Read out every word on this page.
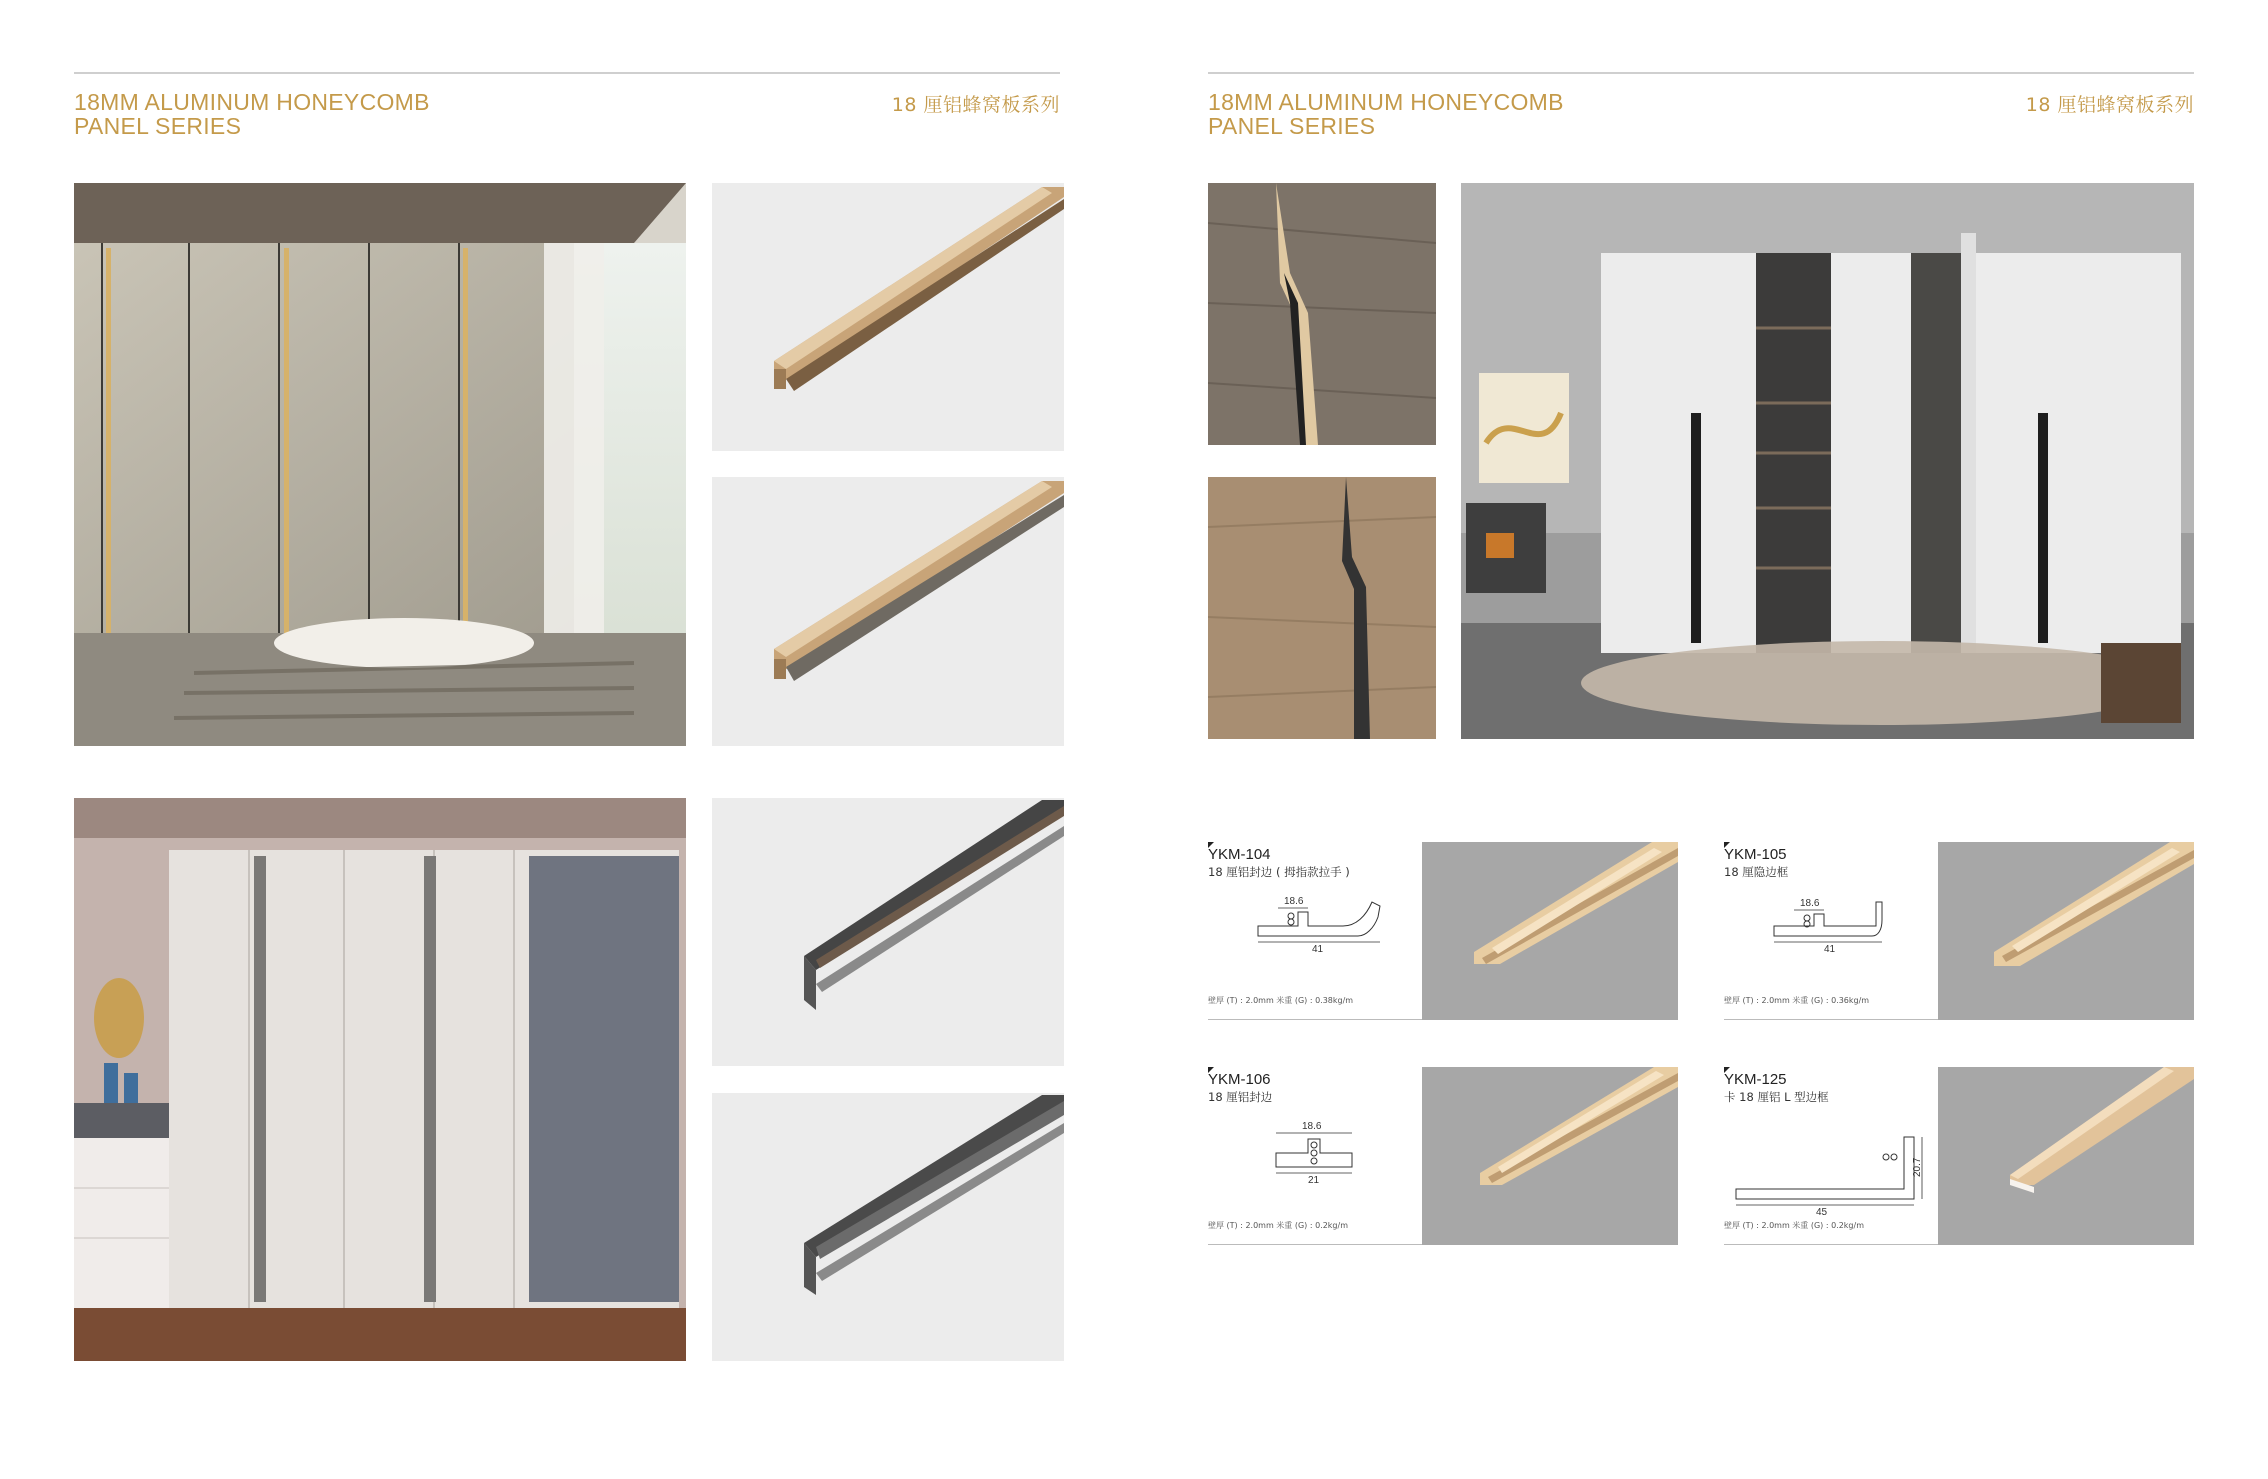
18MM ALUMINUM HONEYCOMB
PANEL SERIES
18 厘铝蜂窝板系列	18MM ALUMINUM HONEYCOMB
PANEL SERIES
18 厘铝蜂窝板系列
YKM-104
18 厘铝封边 ( 拇指款拉手 )
18.6
41
壁厚 (T) : 2.0mm 米重 (G) : 0.38kg/m
YKM-105
18 厘隐边框
18.6
41
壁厚 (T) : 2.0mm 米重 (G) : 0.36kg/m
YKM-106
18 厘铝封边
18.6
21
壁厚 (T) : 2.0mm 米重 (G) : 0.2kg/m
YKM-125
卡 18 厘铝 L 型边框
45
20.7
壁厚 (T) : 2.0mm 米重 (G) : 0.2kg/m
